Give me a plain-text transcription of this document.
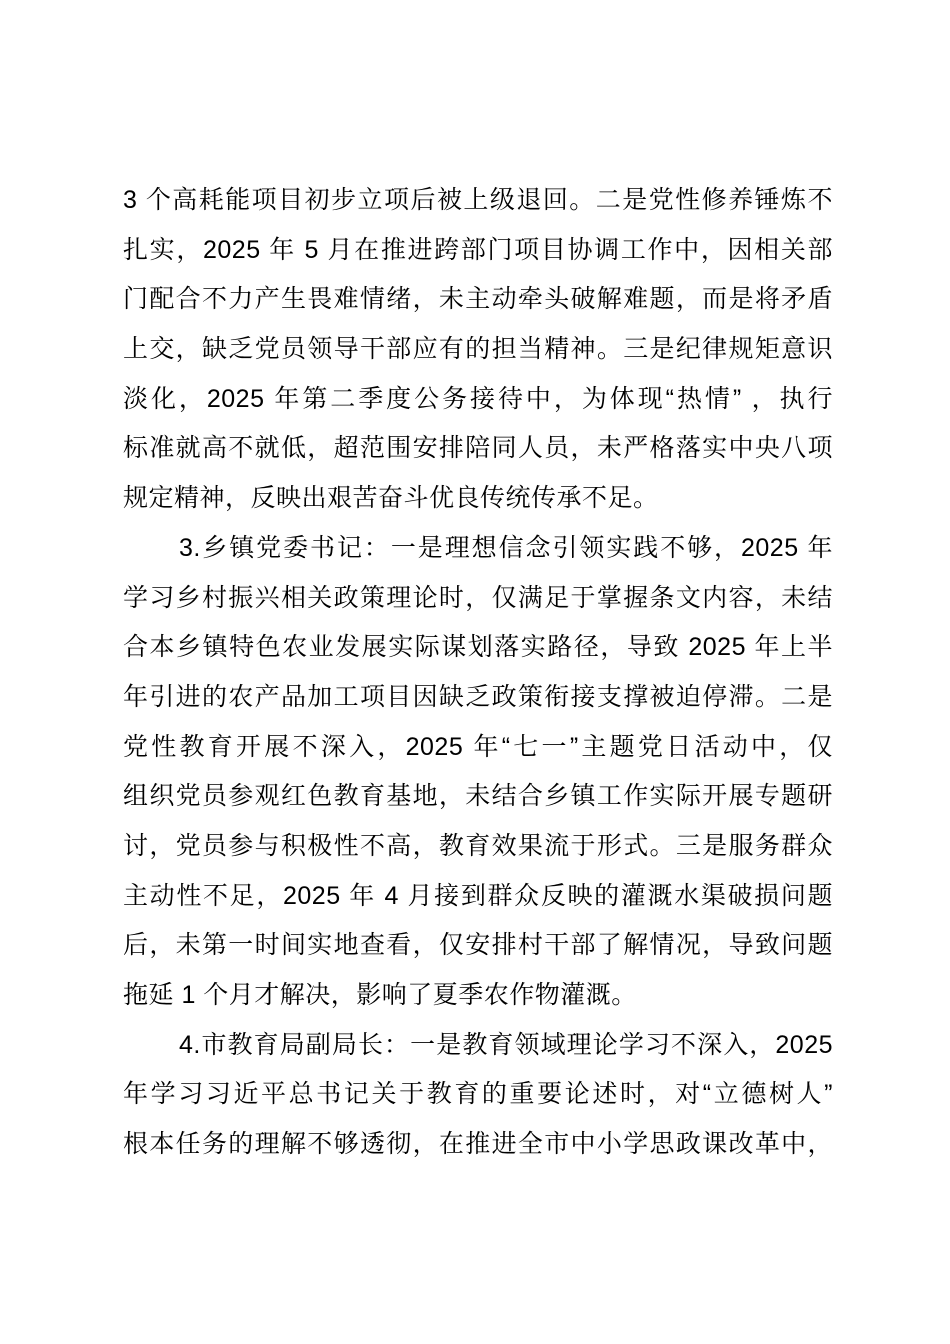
3 个高耗能项目初步立项后被上级退回。二是党性修养锤炼不
扎实，2025 年 5 月在推进跨部门项目协调工作中，因相关部
门配合不力产生畏难情绪，未主动牵头破解难题，而是将矛盾
上交，缺乏党员领导干部应有的担当精神。三是纪律规矩意识
淡化，2025 年第二季度公务接待中，为体现“热情” ，执行
标准就高不就低，超范围安排陪同人员，未严格落实中央八项
规定精神，反映出艰苦奋斗优良传统传承不足。
3.乡镇党委书记：一是理想信念引领实践不够，2025 年
学习乡村振兴相关政策理论时，仅满足于掌握条文内容，未结
合本乡镇特色农业发展实际谋划落实路径，导致 2025 年上半
年引进的农产品加工项目因缺乏政策衔接支撑被迫停滞。二是
党性教育开展不深入，2025 年“七一”主题党日活动中，仅
组织党员参观红色教育基地，未结合乡镇工作实际开展专题研
讨，党员参与积极性不高，教育效果流于形式。三是服务群众
主动性不足，2025 年 4 月接到群众反映的灌溉水渠破损问题
后，未第一时间实地查看，仅安排村干部了解情况，导致问题
拖延 1 个月才解决，影响了夏季农作物灌溉。
4.市教育局副局长：一是教育领域理论学习不深入，2025
年学习习近平总书记关于教育的重要论述时，对“立德树人”
根本任务的理解不够透彻，在推进全市中小学思政课改革中，
